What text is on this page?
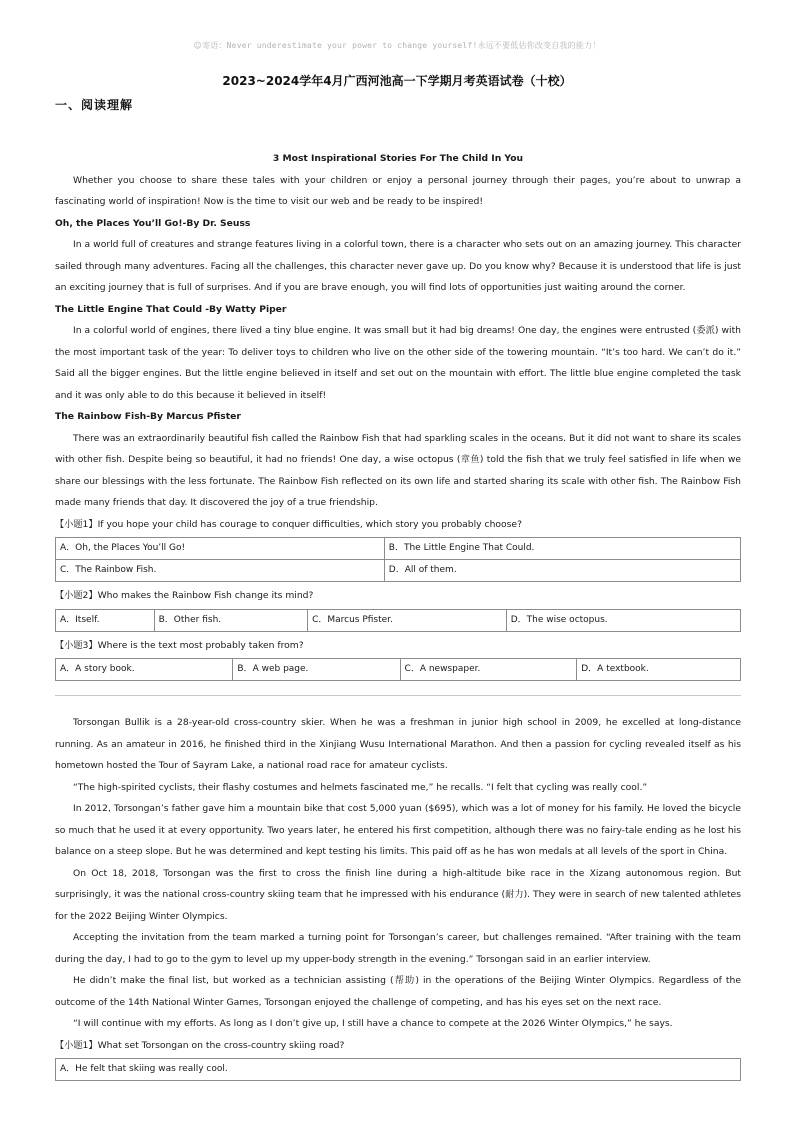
☺寄语：Never underestimate your power to change yourself!永远不要低估你改变自我的能力！
2023~2024学年4月广西河池高一下学期月考英语试卷（十校）
一、阅读理解

3 Most Inspirational Stories For The Child In You

Whether you choose to share these tales with your children or enjoy a personal journey through their pages, you’re about to unwrap a fascinating world of inspiration! Now is the time to visit our web and be ready to be inspired!

Oh, the Places You’ll Go!-By Dr. Seuss

In a world full of creatures and strange features living in a colorful town, there is a character who sets out on an amazing journey. This character sailed through many adventures. Facing all the challenges, this character never gave up. Do you know why? Because it is understood that life is just an exciting journey that is full of surprises. And if you are brave enough, you will find lots of opportunities just waiting around the corner.

The Little Engine That Could -By Watty Piper

In a colorful world of engines, there lived a tiny blue engine. It was small but it had big dreams! One day, the engines were entrusted (委派) with the most important task of the year: To deliver toys to children who live on the other side of the towering mountain. “It’s too hard. We can’t do it.” Said all the bigger engines. But the little engine believed in itself and set out on the mountain with effort. The little blue engine completed the task and it was only able to do this because it believed in itself!

The Rainbow Fish-By Marcus Pfister

There was an extraordinarily beautiful fish called the Rainbow Fish that had sparkling scales in the oceans. But it did not want to share its scales with other fish. Despite being so beautiful, it had no friends! One day, a wise octopus (章鱼) told the fish that we truly feel satisfied in life when we share our blessings with the less fortunate. The Rainbow Fish reflected on its own life and started sharing its scale with other fish. The Rainbow Fish made many friends that day. It discovered the joy of a true friendship.

【小题1】If you hope your child has courage to conquer difficulties, which story you probably choose?

A．Oh, the Places You’ll Go!	B．The Little Engine That Could.
C．The Rainbow Fish.	D．All of them.

【小题2】Who makes the Rainbow Fish change its mind?

A．Itself.	B．Other fish.	C．Marcus Pfister.	D．The wise octopus.

【小题3】Where is the text most probably taken from?

A．A story book.	B．A web page.	C．A newspaper.	D．A textbook.

Torsongan Bullik is a 28-year-old cross-country skier. When he was a freshman in junior high school in 2009, he excelled at long-distance running. As an amateur in 2016, he finished third in the Xinjiang Wusu International Marathon. And then a passion for cycling revealed itself as his hometown hosted the Tour of Sayram Lake, a national road race for amateur cyclists.

“The high-spirited cyclists, their flashy costumes and helmets fascinated me,” he recalls. “I felt that cycling was really cool.”

In 2012, Torsongan’s father gave him a mountain bike that cost 5,000 yuan ($695), which was a lot of money for his family. He loved the bicycle so much that he used it at every opportunity. Two years later, he entered his first competition, although there was no fairy-tale ending as he lost his balance on a steep slope. But he was determined and kept testing his limits. This paid off as he has won medals at all levels of the sport in China.

On Oct 18, 2018, Torsongan was the first to cross the finish line during a high-altitude bike race in the Xizang autonomous region. But surprisingly, it was the national cross-country skiing team that he impressed with his endurance (耐力). They were in search of new talented athletes for the 2022 Beijing Winter Olympics.

Accepting the invitation from the team marked a turning point for Torsongan’s career, but challenges remained. “After training with the team during the day, I had to go to the gym to level up my upper-body strength in the evening.” Torsongan said in an earlier interview.

He didn’t make the final list, but worked as a technician assisting (帮助) in the operations of the Beijing Winter Olympics. Regardless of the outcome of the 14th National Winter Games, Torsongan enjoyed the challenge of competing, and has his eyes set on the next race.

“I will continue with my efforts. As long as I don’t give up, I still have a chance to compete at the 2026 Winter Olympics,” he says.

【小题1】What set Torsongan on the cross-country skiing road?

A．He felt that skiing was really cool.
